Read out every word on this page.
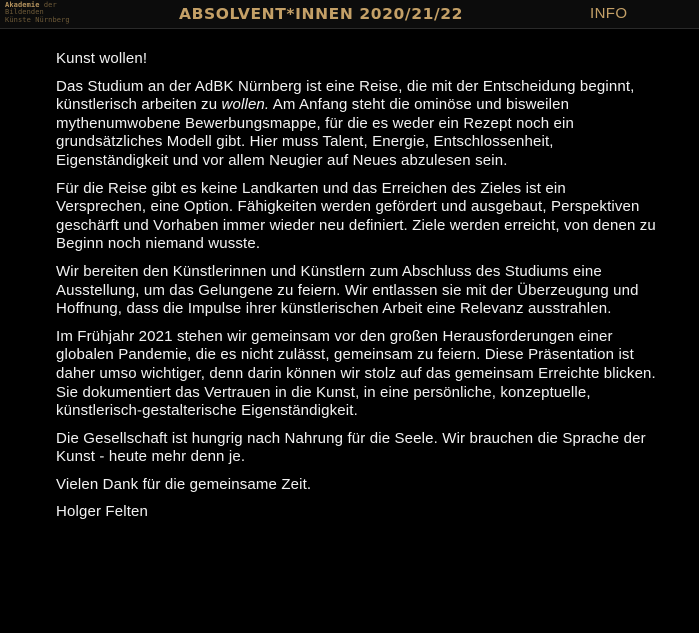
Akademie der
Bildenden
Künste Nürnberg	ABSOLVENT*INNEN 2020/21/22	INFO

Kunst wollen!

Das Studium an der AdBK Nürnberg ist eine Reise, die mit der Entscheidung beginnt, künstlerisch arbeiten zu wollen. Am Anfang steht die ominöse und bisweilen mythenumwobene Bewerbungsmappe, für die es weder ein Rezept noch ein grundsätzliches Modell gibt. Hier muss Talent, Energie, Entschlossenheit, Eigenständigkeit und vor allem Neugier auf Neues abzulesen sein.

Für die Reise gibt es keine Landkarten und das Erreichen des Zieles ist ein Versprechen, eine Option. Fähigkeiten werden gefördert und ausgebaut, Perspektiven geschärft und Vorhaben immer wieder neu definiert. Ziele werden erreicht, von denen zu Beginn noch niemand wusste.

Wir bereiten den Künstlerinnen und Künstlern zum Abschluss des Studiums eine Ausstellung, um das Gelungene zu feiern. Wir entlassen sie mit der Überzeugung und Hoffnung, dass die Impulse ihrer künstlerischen Arbeit eine Relevanz ausstrahlen.

Im Frühjahr 2021 stehen wir gemeinsam vor den großen Herausforderungen einer globalen Pandemie, die es nicht zulässt, gemeinsam zu feiern. Diese Präsentation ist daher umso wichtiger, denn darin können wir stolz auf das gemeinsam Erreichte blicken. Sie dokumentiert das Vertrauen in die Kunst, in eine persönliche, konzeptuelle, künstlerisch-gestalterische Eigenständigkeit.

Die Gesellschaft ist hungrig nach Nahrung für die Seele. Wir brauchen die Sprache der Kunst - heute mehr denn je.

Vielen Dank für die gemeinsame Zeit.

Holger Felten
